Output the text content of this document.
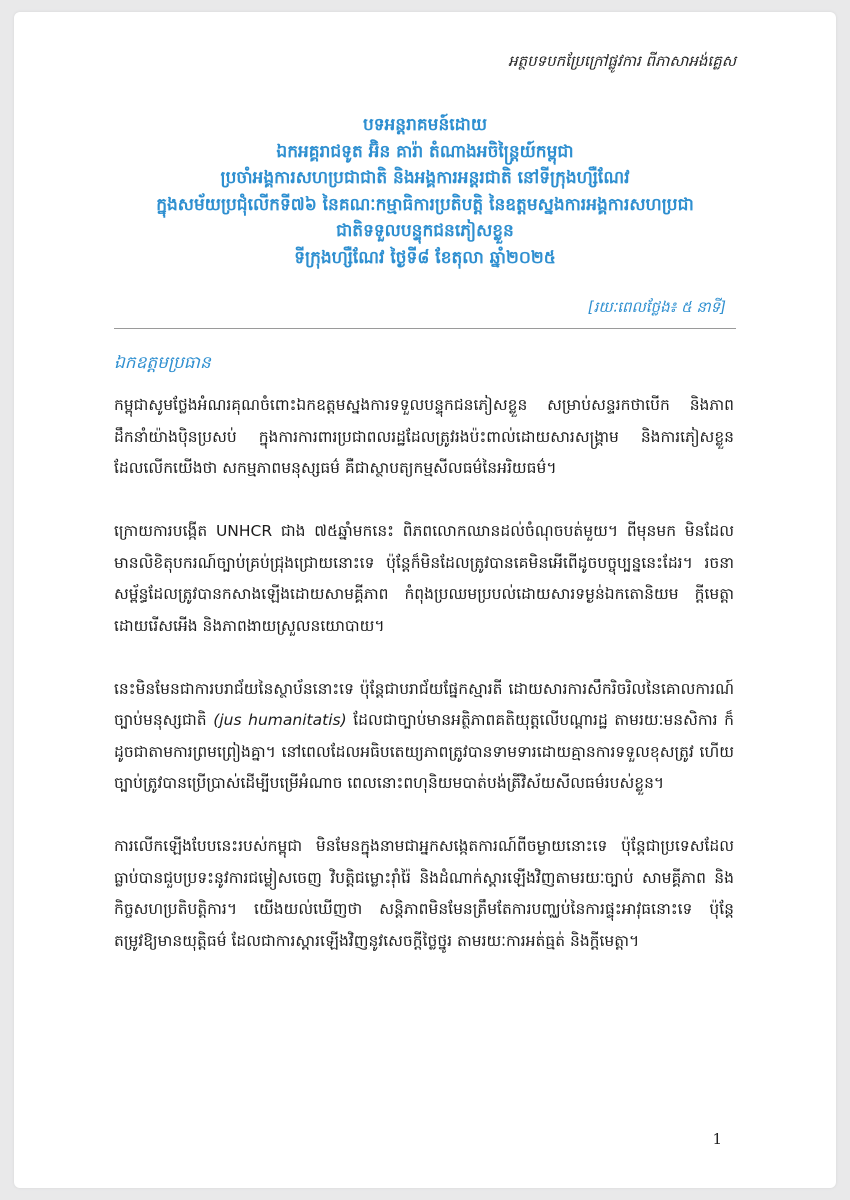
អត្ថបទបកប្រែក្រៅផ្លូវការ ពីភាសាអង់គ្លេស
បទអន្តរាគមន៍ដោយ
ឯកអគ្គរាជទូត អ៊ិន គារ៉ា តំណាងអចិន្ត្រៃយ៍កម្ពុជា
ប្រចាំអង្គការសហប្រជាជាតិ និងអង្គការអន្តរជាតិ នៅទីក្រុងហ្សឺណែវ
ក្នុងសម័យប្រជុំលើកទី៧៦ នៃគណៈកម្មាធិការប្រតិបត្តិ នៃឧត្តមស្នងការអង្គការសហប្រជា
ជាតិទទួលបន្ទុកជនភៀសខ្លួន
ទីក្រុងហ្សឺណែវ ថ្ងៃទី៨ ខែតុលា ឆ្នាំ២០២៥
[រយៈពេលថ្លែង៖ ៥ នាទី]
ឯកឧត្តមប្រធាន

កម្ពុជាសូមថ្លែងអំណរគុណចំពោះឯកឧត្តមស្នងការទទួលបន្ទុកជនភៀសខ្លួន សម្រាប់សន្ទរកថាបើក និងភាពដឹកនាំយ៉ាងប៉ិនប្រសប់ ក្នុងការការពារប្រជាពលរដ្ឋដែលត្រូវរងប៉ះពាល់ដោយសារសង្គ្រាម និងការភៀសខ្លួន ដែលលើកយើងថា សកម្មភាពមនុស្សធម៌ គឺជាស្ថាបត្យកម្មសីលធម៌នៃអរិយធម៌។

ក្រោយការបង្កើត UNHCR ជាង ៧៥ឆ្នាំមកនេះ ពិភពលោកឈានដល់ចំណុចបត់មួយ។ ពីមុនមក មិនដែលមានលិខិតុបករណ៍ច្បាប់គ្រប់ជ្រុងជ្រោយនោះទេ ប៉ុន្តែក៏មិនដែលត្រូវបានគេមិនអើពើដូចបច្ចុប្បន្ននេះដែរ។ រចនាសម្ព័ន្ធដែលត្រូវបានកសាងឡើងដោយសាមគ្គីភាព កំពុងប្រឈមប្របល់ដោយសារទម្ងន់ឯកតោនិយម ក្ដីមេត្តាដោយរើសអើង និងភាពងាយស្រួលនយោបាយ។

នេះមិនមែនជាការបរាជ័យនៃស្ថាប័ននោះទេ ប៉ុន្តែជាបរាជ័យផ្នែកស្មារតី ដោយសារការសឹករិចរិលនៃគោលការណ៍ច្បាប់មនុស្សជាតិ (jus humanitatis) ដែលជាច្បាប់មានអត្ថិភាពគតិយុត្តលើបណ្ដារដ្ឋ តាមរយៈមនសិការ ក៏ដូចជាតាមការព្រមព្រៀងគ្នា។ នៅពេលដែលអធិបតេយ្យភាពត្រូវបានទាមទារដោយគ្មានការទទួលខុសត្រូវ ហើយច្បាប់ត្រូវបានប្រើប្រាស់ដើម្បីបម្រើអំណាច ពេលនោះពហុនិយមបាត់បង់ត្រីវិស័យសីលធម៌របស់ខ្លួន។

ការលើកឡើងបែបនេះរបស់កម្ពុជា មិនមែនក្នុងនាមជាអ្នកសង្កេតការណ៍ពីចម្ងាយនោះទេ ប៉ុន្តែជាប្រទេសដែលធ្លាប់បានជួបប្រទះនូវការជម្លៀសចេញ វិបត្តិជម្លោះរ៉ាំរ៉ៃ និងដំណាក់ស្ដារឡើងវិញតាមរយៈច្បាប់ សាមគ្គីភាព និងកិច្ចសហប្រតិបត្តិការ។ យើងយល់ឃើញថា សន្តិភាពមិនមែនត្រឹមតែការបញ្ឈប់នៃការផ្ទុះអាវុធនោះទេ ប៉ុន្តែតម្រូវឱ្យមានយុត្តិធម៌ ដែលជាការស្ដារឡើងវិញនូវសេចក្ដីថ្លៃថ្នូរ តាមរយៈការអត់ធ្មត់ និងក្ដីមេត្តា។

1
